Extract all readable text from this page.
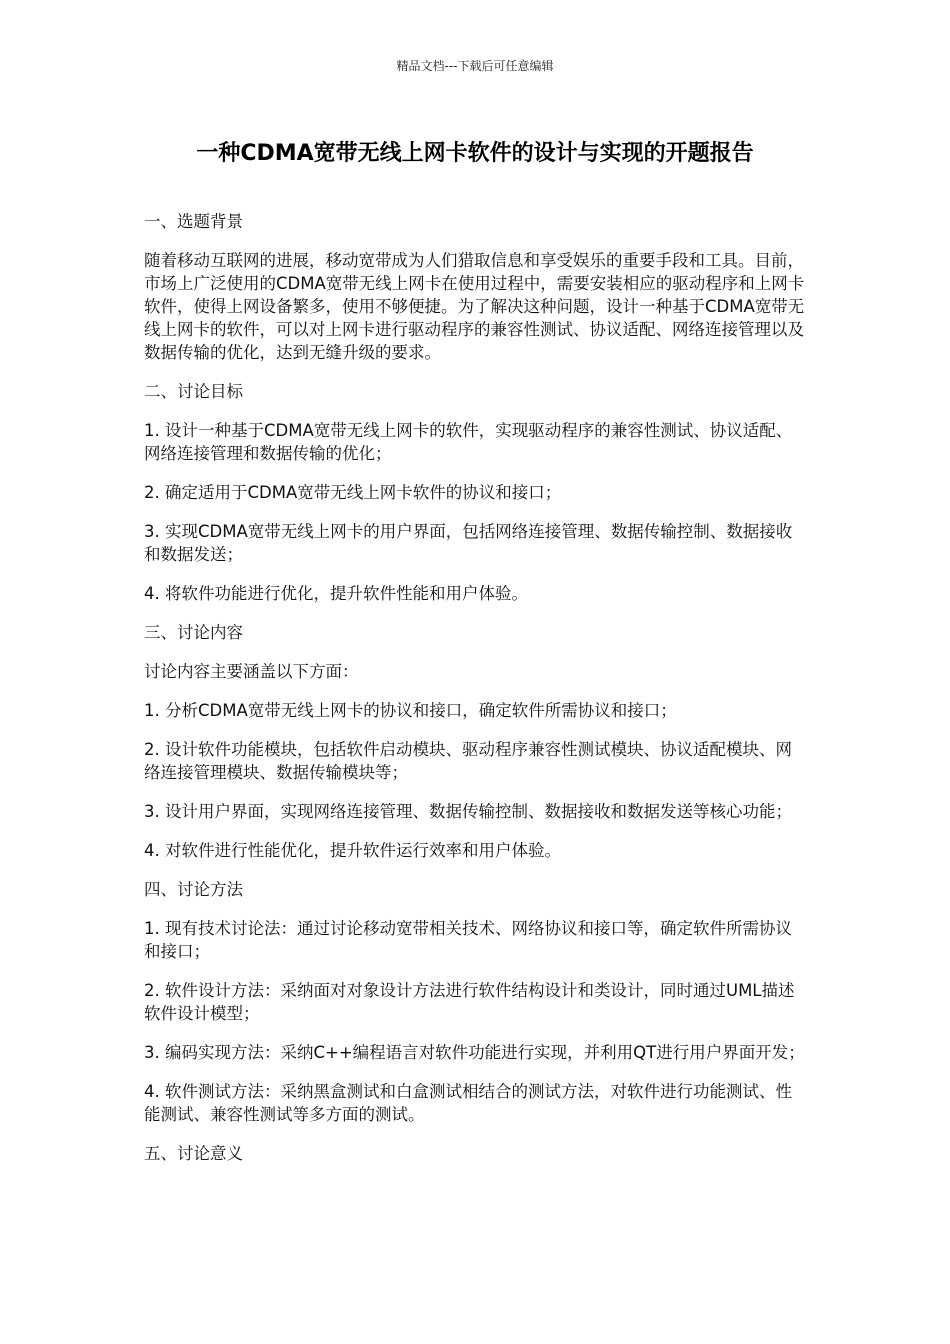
精品文档---下载后可任意编辑
一种CDMA宽带无线上网卡软件的设计与实现的开题报告

一、选题背景

随着移动互联网的进展，移动宽带成为人们猎取信息和享受娱乐的重要手段和工具。目前，市场上广泛使用的CDMA宽带无线上网卡在使用过程中，需要安装相应的驱动程序和上网卡软件，使得上网设备繁多，使用不够便捷。为了解决这种问题，设计一种基于CDMA宽带无线上网卡的软件，可以对上网卡进行驱动程序的兼容性测试、协议适配、网络连接管理以及数据传输的优化，达到无缝升级的要求。

二、讨论目标

1. 设计一种基于CDMA宽带无线上网卡的软件，实现驱动程序的兼容性测试、协议适配、网络连接管理和数据传输的优化；

2. 确定适用于CDMA宽带无线上网卡软件的协议和接口；

3. 实现CDMA宽带无线上网卡的用户界面，包括网络连接管理、数据传输控制、数据接收和数据发送；

4. 将软件功能进行优化，提升软件性能和用户体验。

三、讨论内容

讨论内容主要涵盖以下方面：

1. 分析CDMA宽带无线上网卡的协议和接口，确定软件所需协议和接口；

2. 设计软件功能模块，包括软件启动模块、驱动程序兼容性测试模块、协议适配模块、网络连接管理模块、数据传输模块等；

3. 设计用户界面，实现网络连接管理、数据传输控制、数据接收和数据发送等核心功能；

4. 对软件进行性能优化，提升软件运行效率和用户体验。

四、讨论方法

1. 现有技术讨论法：通过讨论移动宽带相关技术、网络协议和接口等，确定软件所需协议和接口；

2. 软件设计方法：采纳面对对象设计方法进行软件结构设计和类设计，同时通过UML描述软件设计模型；

3. 编码实现方法：采纳C++编程语言对软件功能进行实现，并利用QT进行用户界面开发；

4. 软件测试方法：采纳黑盒测试和白盒测试相结合的测试方法，对软件进行功能测试、性能测试、兼容性测试等多方面的测试。

五、讨论意义
